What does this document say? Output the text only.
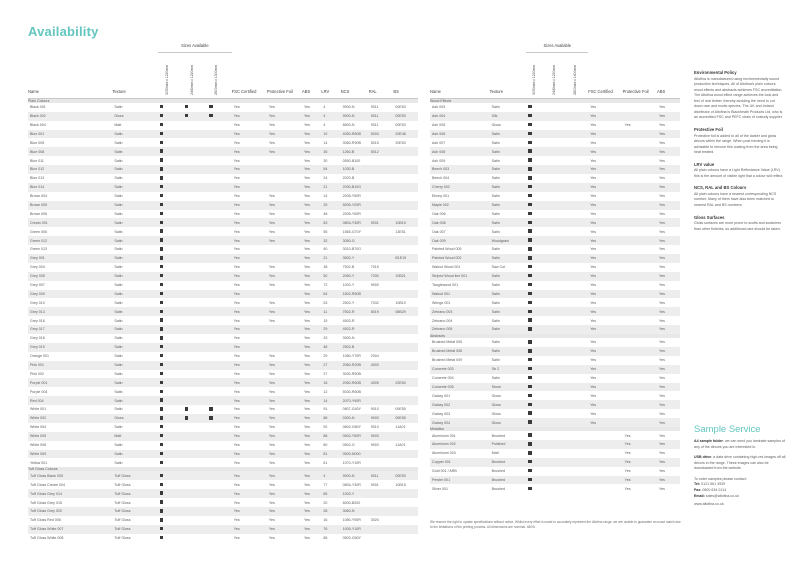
Availability
Name	Texture	Sizes Available			FSC Certified	Protective Foil	ABS	LRV	NCS	RAL	BS

		3050mm x 1220mm	2440mm x 1220mm	2600mm x 1300mm							

Plain Colours											
Black 001	Satin				Yes	Yes	Yes	4	9000-N	9011	00E53
Black 002	Gloss				Yes	Yes	Yes	4	9000-N	9011	00E53
Black 004	Matt				Yes	Yes	Yes	4	8500-N	9011	00E53
Blue 001	Satin				Yes	Yes	Yes	10	4050-R80B	5003	20E46
Blue 005	Satin				Yes	Yes	Yes	14	3060-R90B	5015	20E53
Blue 008	Satin				Yes	Yes	Yes	35	1260-B	5012	
Blue 011	Satin				Yes		Yes	30	0550-B100		
Blue 012	Satin				Yes		Yes	54	1030-B		
Blue 013	Satin				Yes		Yes	24	2020-B		
Blue 014	Satin				Yes		Yes	21	2030-B10G		
Brown 004	Satin				Yes	Yes	Yes	14	2005-Y50R		
Brown 005	Satin				Yes	Yes	Yes	25	5005-Y20R		
Brown 006	Satin				Yes	Yes	Yes	48	2005-Y50R		
Cream 001	Satin				Yes	Yes	Yes	83	0804-Y30R	9001	10B15
Green 006	Satin				Yes	Yes	Yes	55	1565-G70Y		13E51
Green 012	Satin				Yes	Yes	Yes	32	3050-G		
Green 013	Satin				Yes		Yes	40	3010-B70G		
Grey 001	Satin				Yes		Yes	21	3502-Y		B1E19
Grey 004	Satin				Yes	Yes	Yes	38	7502-B	7015	
Grey 005	Satin				Yes	Yes	Yes	50	2050-Y	7030	10B21
Grey 007	Satin				Yes	Yes	Yes	72	1002-Y	9000	
Grey 009	Satin				Yes		Yes	64	1502-R50B		
Grey 010	Satin				Yes	Yes	Yes	53	2502-Y	7032	10B19
Grey 013	Satin				Yes	Yes	Yes	11	7502-R	8019	08B29
Grey 016	Satin				Yes	Yes	Yes	15	4502-R		
Grey 017	Satin				Yes		Yes	29	4502-R		
Grey 018	Satin				Yes		Yes	33	3000-N		
Grey 019	Satin				Yes		Yes	46	2502-B		
Orange 001	Satin				Yes	Yes	Yes	29	1080-Y70R	2004	
Pink 001	Satin				Yes	Yes	Yes	27	2060-R20B	4003	
Pink 002	Satin				Yes	Yes	Yes	27	3030-R50B		
Purple 001	Satin				Yes	Yes	Yes	16	2050-R60B	4005	22E50
Purple 004	Satin				Yes	Yes	Yes	12	5030-R60B		
Red 004	Satin				Yes	Yes	Yes	14	2070-Y90R		
White 001	Satin				Yes	Yes	Yes	91	0807-G40Y	9010	00E55
White 002	Gloss				Yes	Yes	Yes	86	0300-N	9003	00E55
White 004	Satin				Yes	Yes	Yes	92	0802-G80Y	9010	11A01
White 005	Matt				Yes	Yes	Yes	88	0502-Y50R	9003	
White 006	Satin				Yes	Yes	Yes	80	0502-G	9003	11A01
White 009	Satin				Yes	Yes	Yes	81	0500-N000		
Yellow 001	Satin				Yes	Yes	Yes	61	1070-Y10R		
Tuff Gloss Colours											
Tuff Gloss Black 005	Tuff Gloss				Yes	Yes	Yes	4	9000-N	9011	00E53
Tuff Gloss Cream 004	Tuff Gloss				Yes	Yes	Yes	77	0804-Y30R	9001	10B15
Tuff Gloss Grey 014	Tuff Gloss				Yes	Yes	Yes	65	1002-Y		
Tuff Gloss Grey 015	Tuff Gloss				Yes	Yes	Yes	20	6000-B200		
Tuff Gloss Grey 020	Tuff Gloss				Yes	Yes	Yes	28	3060-N		
Tuff Gloss Red 006	Tuff Gloss				Yes	Yes	Yes	16	1080-Y90R	3020	
Tuff Gloss White 007	Tuff Gloss				Yes	Yes	Yes	76	1005-Y10R		
Tuff Gloss White 008	Tuff Gloss				Yes	Yes	Yes	85	0502-G50Y		
Name	Texture	Sizes Available			FSC Certified	Protective Foil	ABS

		3050mm x 1220mm	2440mm x 1220mm	2800mm x 1400mm			

Wood Effects							
Ash 003	Satin				Yes		Yes
Ash 004	Silk				Yes		Yes
Ash 005	Gloss				Yes	Yes	Yes
Ash 006	Satin				Yes		Yes
Ash 007	Satin				Yes		Yes
Ash 008	Satin				Yes		Yes
Ash 009	Satin				Yes		Yes
Beech 003	Satin				Yes		Yes
Beech 004	Satin				Yes		Yes
Cherry 002	Satin				Yes		Yes
Ebony 001	Satin				Yes		Yes
Maple 002	Satin				Yes		Yes
Oak 006	Satin				Yes		Yes
Oak 008	Satin				Yes		Yes
Oak 007	Satin				Yes		Yes
Oak 009	Woodgrain				Yes		Yes
Painted Wood 005	Satin				Yes		Yes
Painted Wood 002	Satin				Yes		Yes
Walnut Wood 001	Saw Cut				Yes		Yes
Striped Wood line 001	Satin				Yes		Yes
Tanglewood 001	Satin				Yes		Yes
Walnut 001	Satin				Yes		Yes
Wenge 001	Satin				Yes		Yes
Zebrano 003	Satin				Yes		Yes
Zebrano 004	Satin				Yes		Yes
Zebrano 005	Satin				Yes		Yes
Abstracts							
Brushed Metal 005	Satin				Yes		Yes
Brushed Metal 006	Satin				Yes		Yes
Brushed Metal 009	Satin				Yes		Yes
Concrete 003	Str 2				Yes		Yes
Concrete 004	Satin				Yes		Yes
Concrete 005	Stone				Yes		Yes
Galaxy 001	Gloss				Yes		Yes
Galaxy 002	Gloss				Yes		Yes
Galaxy 003	Gloss				Yes		Yes
Galaxy 004	Gloss				Yes		Yes
Metallics							
Aluminium 001	Brushed					Yes	Yes
Aluminium 002	Polished					Yes	Yes
Aluminium 003	Matt					Yes	Yes
Copper 001	Brushed					Yes	Yes
Gold 001 / ARB	Brushed					Yes	Yes
Pewter 001	Brushed					Yes	Yes
Silver 001	Brushed					Yes	Yes
We reserve the right to update specifications without notice. Whilst every effort is made to accurately represent the Altofina range, we are unable to guarantee an exact match due to the limitations of the printing process. All dimensions are nominal. 48/05.
Environmental Policy

Altofina is manufactured using environmentally sound production techniques. All of Altofina's plain colours, wood effects and abstracts achieves FSC accreditation. The Altofina wood effect range achieves the look and feel of real timber, thereby avoiding the need to cut down rare and exotic species. The UK and Ireland distributor of Altofina is Blackheath Products Ltd, who is an accredited FSC and PEFC chain of custody supplier.

Protective Foil

Protective foil is added to all of the darker and gloss décors within the range. When post forming it is advisable to remove this coating from the area being heat treated.

LRV value

All plain colours have a Light Reflectance Value (LRV) this is the amount of visible light that a colour will reflect.

NCS, RAL and BS Colours

All plain colours have a nearest corresponding NCS number. Many of them have also been matched to nearest RAL and BS numbers.

Gloss Surfaces

Gloss surfaces are more prone to scuffs and scratches than other finishes, so additional care should be taken.

Sample Service

A4 sample folder: we can send you laminate samples of any of the décors you are interested in.

USB drive: a data drive containing high-res images off all décors in the range. These images can also be downloaded from the website.

To order samples please contact:
Tel: 0121 561 3939
Fax: 0800 634 0114
Email: sales@altofina.co.uk
www.altofina.co.uk
